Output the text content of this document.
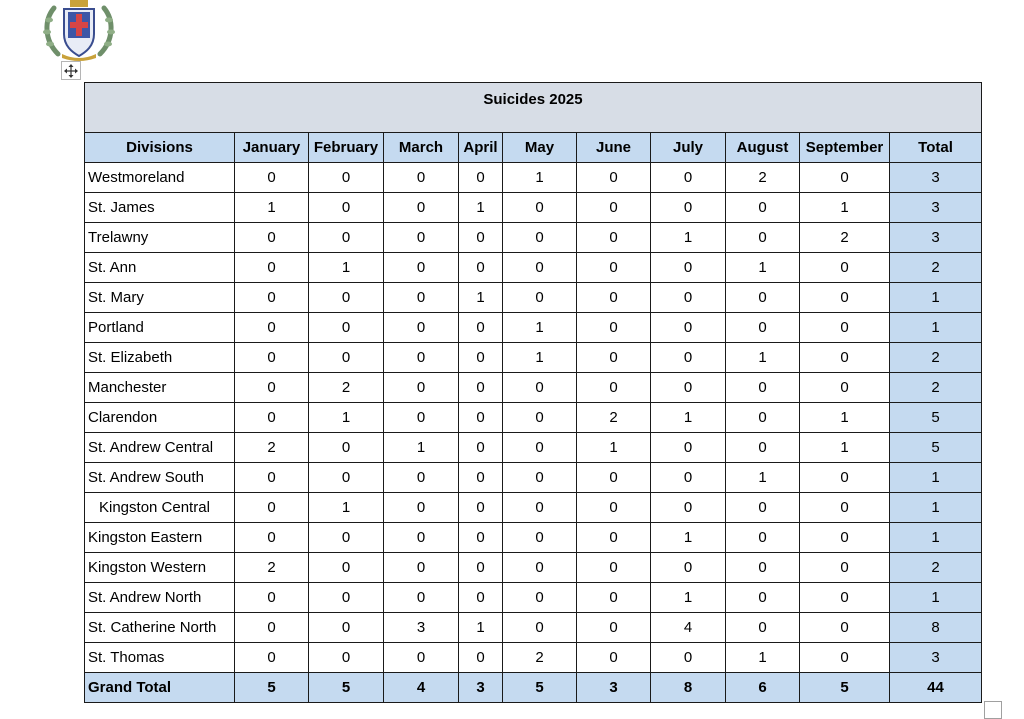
Suicides 2025										
Divisions	January	February	March	April	May	June	July	August	September	Total
Westmoreland	0	0	0	0	1	0	0	2	0	3
St. James	1	0	0	1	0	0	0	0	1	3
Trelawny	0	0	0	0	0	0	1	0	2	3
St. Ann	0	1	0	0	0	0	0	1	0	2
St. Mary	0	0	0	1	0	0	0	0	0	1
Portland	0	0	0	0	1	0	0	0	0	1
St. Elizabeth	0	0	0	0	1	0	0	1	0	2
Manchester	0	2	0	0	0	0	0	0	0	2
Clarendon	0	1	0	0	0	2	1	0	1	5
St. Andrew Central	2	0	1	0	0	1	0	0	1	5
St. Andrew South	0	0	0	0	0	0	0	1	0	1
Kingston Central	0	1	0	0	0	0	0	0	0	1
Kingston Eastern	0	0	0	0	0	0	1	0	0	1
Kingston Western	2	0	0	0	0	0	0	0	0	2
St. Andrew North	0	0	0	0	0	0	1	0	0	1
St. Catherine North	0	0	3	1	0	0	4	0	0	8
St. Thomas	0	0	0	0	2	0	0	1	0	3
Grand Total	5	5	4	3	5	3	8	6	5	44
